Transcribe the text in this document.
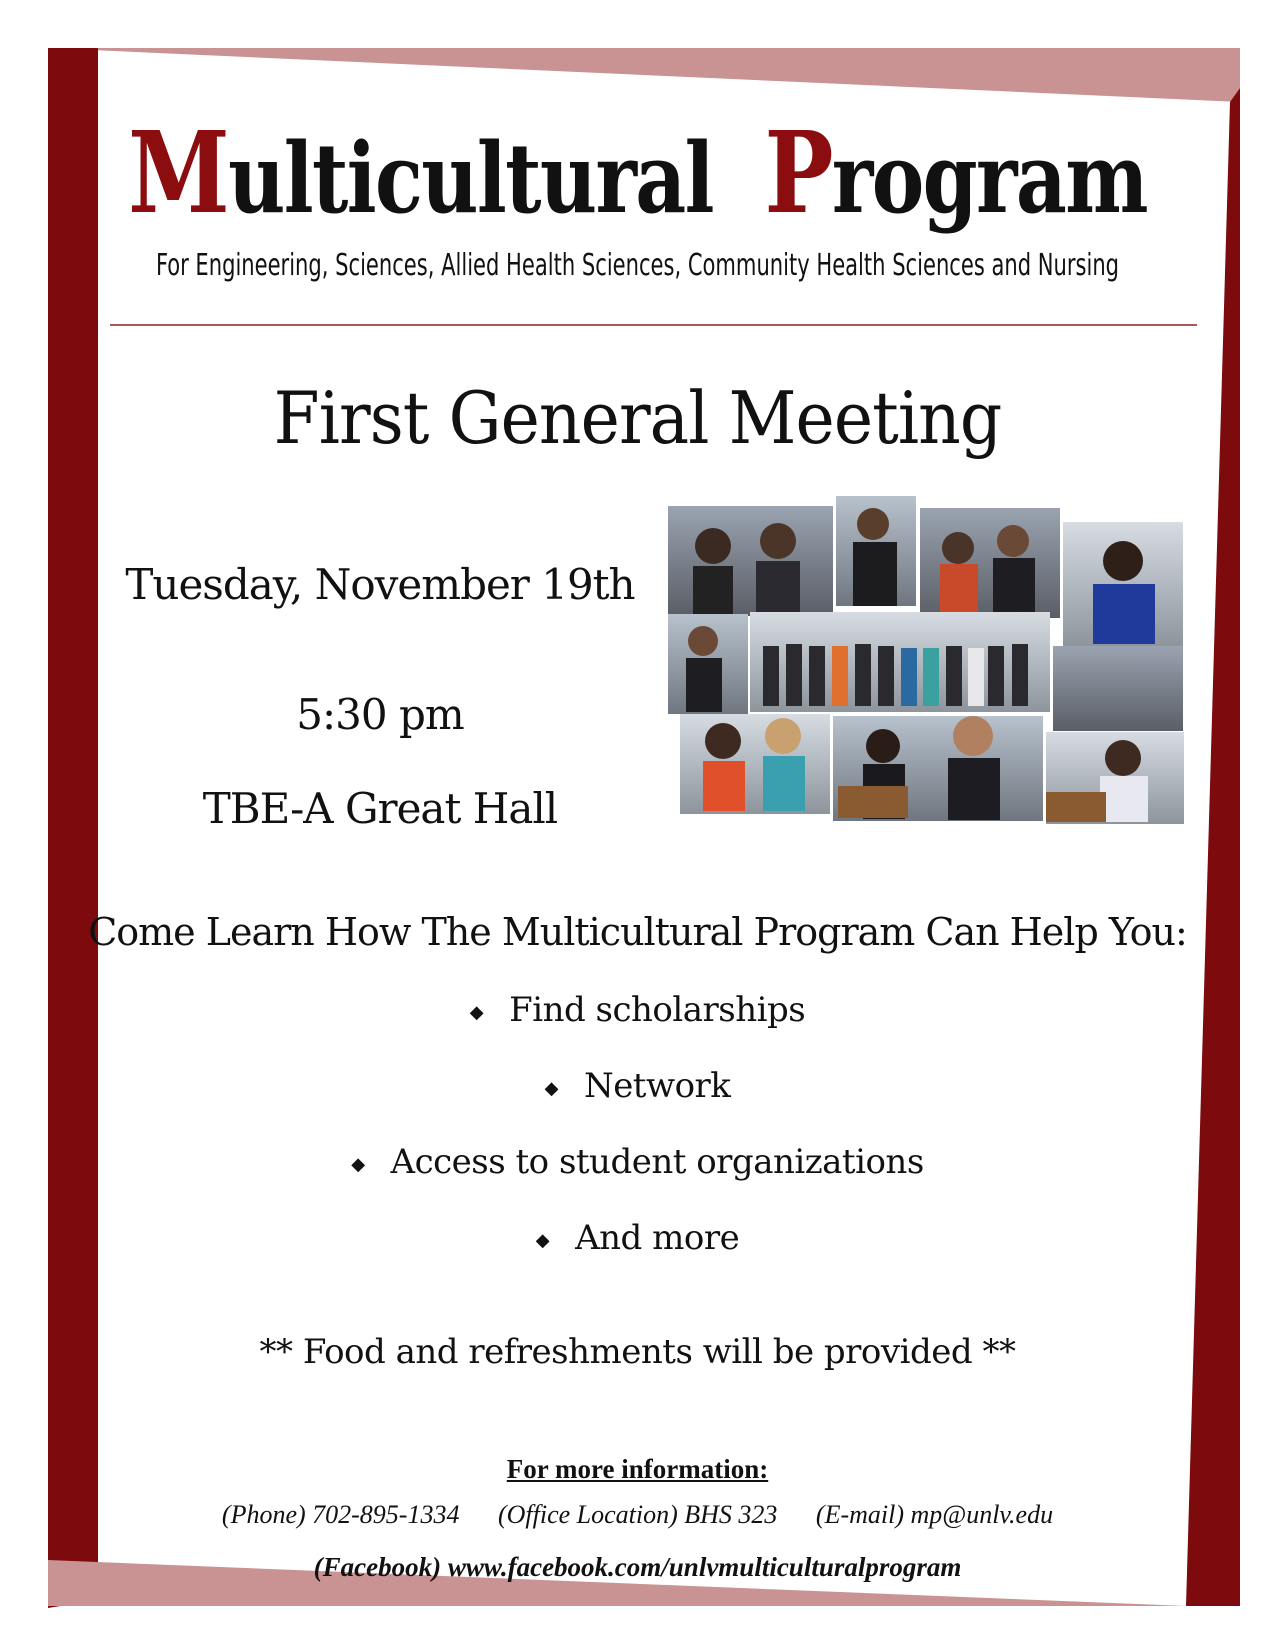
Multicultural Program
For Engineering, Sciences, Allied Health Sciences, Community Health Sciences and Nursing
First General Meeting
Tuesday, November 19th
5:30 pm
TBE-A Great Hall
Come Learn How The Multicultural Program Can Help You:
◆ Find scholarships
◆ Network
◆ Access to student organizations
◆ And more
** Food and refreshments will be provided **
For more information:
(Phone) 702-895-1334 (Office Location) BHS 323 (E-mail) mp@unlv.edu
(Facebook) www.facebook.com/unlvmulticulturalprogram
